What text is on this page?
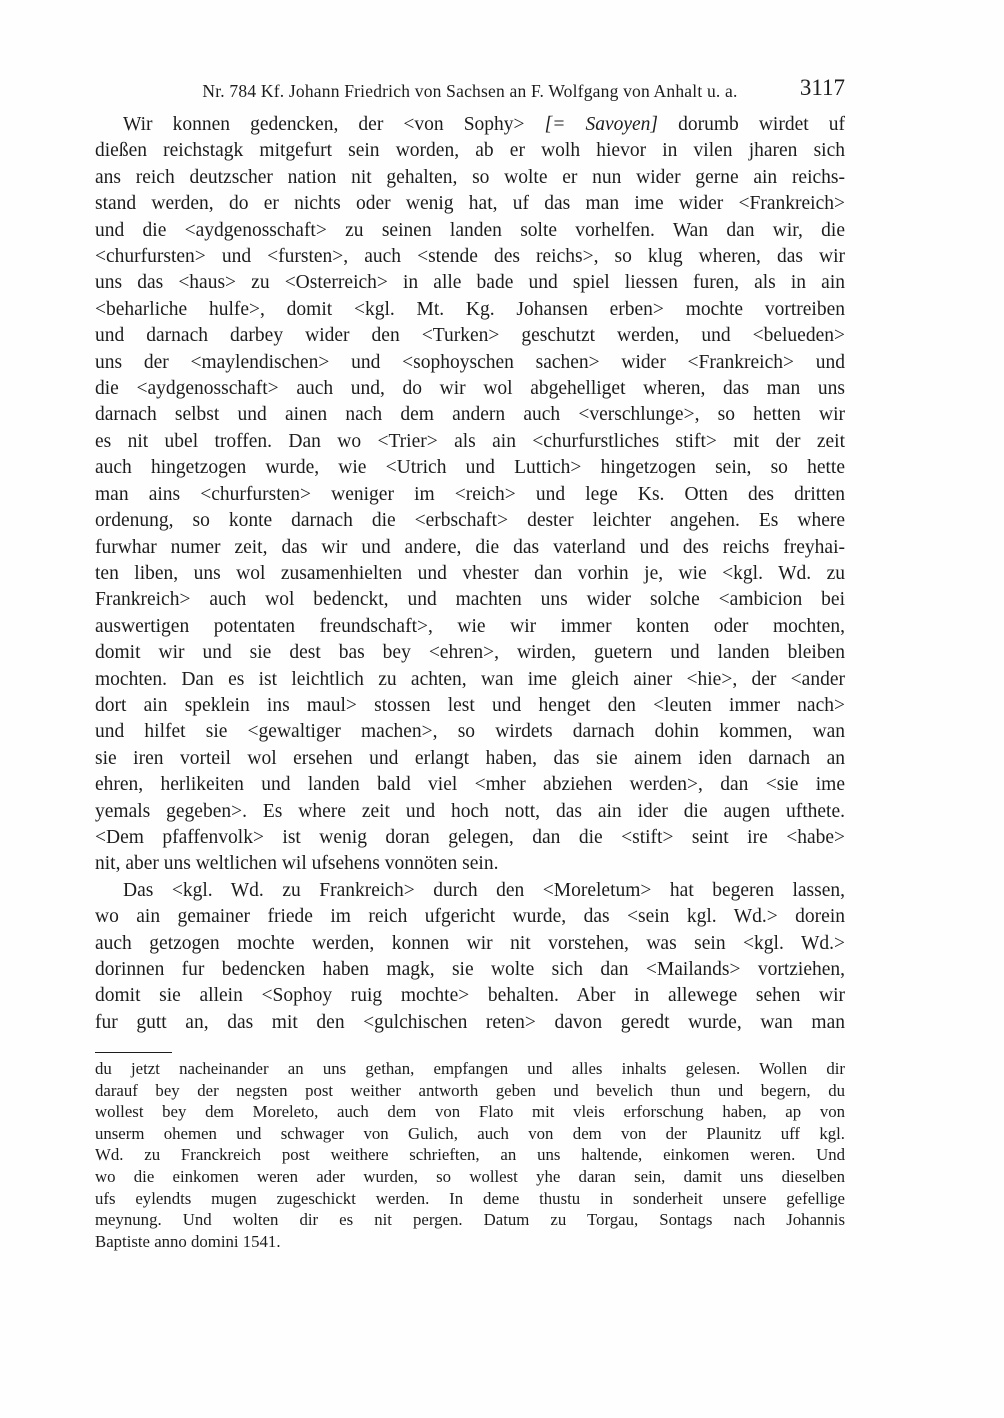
Nr. 784 Kf. Johann Friedrich von Sachsen an F. Wolfgang von Anhalt u. a.	3117
Wir konnen gedencken, der <von Sophy> [= Savoyen] dorumb wirdet uf
dießen reichstagk mitgefurt sein worden, ab er wolh hievor in vilen jharen sich
ans reich deutzscher nation nit gehalten, so wolte er nun wider gerne ain reichs-
stand werden, do er nichts oder wenig hat, uf das man ime wider <Frankreich>
und die <aydgenosschaft> zu seinen landen solte vorhelfen. Wan dan wir, die
<churfursten> und <fursten>, auch <stende des reichs>, so klug wheren, das wir
uns das <haus> zu <Osterreich> in alle bade und spiel liessen furen, als in ain
<beharliche hulfe>, domit <kgl. Mt. Kg. Johansen erben> mochte vortreiben
und darnach darbey wider den <Turken> geschutzt werden, und <belueden>
uns der <maylendischen> und <sophoyschen sachen> wider <Frankreich> und
die <aydgenosschaft> auch und, do wir wol abgehelliget wheren, das man uns
darnach selbst und ainen nach dem andern auch <verschlunge>, so hetten wir
es nit ubel troffen. Dan wo <Trier> als ain <churfurstliches stift> mit der zeit
auch hingetzogen wurde, wie <Utrich und Luttich> hingetzogen sein, so hette
man ains <churfursten> weniger im <reich> und lege Ks. Otten des dritten
ordenung, so konte darnach die <erbschaft> dester leichter angehen. Es where
furwhar numer zeit, das wir und andere, die das vaterland und des reichs freyhai-
ten liben, uns wol zusamenhielten und vhester dan vorhin je, wie <kgl. Wd. zu
Frankreich> auch wol bedenckt, und machten uns wider solche <ambicion bei
auswertigen potentaten freundschaft>, wie wir immer konten oder mochten,
domit wir und sie dest bas bey <ehren>, wirden, guetern und landen bleiben
mochten. Dan es ist leichtlich zu achten, wan ime gleich ainer <hie>, der <ander
dort ain speklein ins maul> stossen lest und henget den <leuten immer nach>
und hilfet sie <gewaltiger machen>, so wirdets darnach dohin kommen, wan
sie iren vorteil wol ersehen und erlangt haben, das sie ainem iden darnach an
ehren, herlikeiten und landen bald viel <mher abziehen werden>, dan <sie ime
yemals gegeben>. Es where zeit und hoch nott, das ain ider die augen ufthete.
<Dem pfaffenvolk> ist wenig doran gelegen, dan die <stift> seint ire <habe>
nit, aber uns weltlichen wil ufsehens vonnöten sein.
Das <kgl. Wd. zu Frankreich> durch den <Moreletum> hat begeren lassen,
wo ain gemainer friede im reich ufgericht wurde, das <sein kgl. Wd.> dorein
auch getzogen mochte werden, konnen wir nit vorstehen, was sein <kgl. Wd.>
dorinnen fur bedencken haben magk, sie wolte sich dan <Mailands> vortziehen,
domit sie allein <Sophoy ruig mochte> behalten. Aber in allewege sehen wir
fur gutt an, das mit den <gulchischen reten> davon geredt wurde, wan man
du jetzt nacheinander an uns gethan, empfangen und alles inhalts gelesen. Wollen dir
darauf bey der negsten post weither antworth geben und bevelich thun und begern, du
wollest bey dem Moreleto, auch dem von Flato mit vleis erforschung haben, ap von
unserm ohemen und schwager von Gulich, auch von dem von der Plaunitz uff kgl.
Wd. zu Franckreich post weithere schrieften, an uns haltende, einkomen weren. Und
wo die einkomen weren ader wurden, so wollest yhe daran sein, damit uns dieselben
ufs eylendts mugen zugeschickt werden. In deme thustu in sonderheit unsere gefellige
meynung. Und wolten dir es nit pergen. Datum zu Torgau, Sontags nach Johannis
Baptiste anno domini 1541.
